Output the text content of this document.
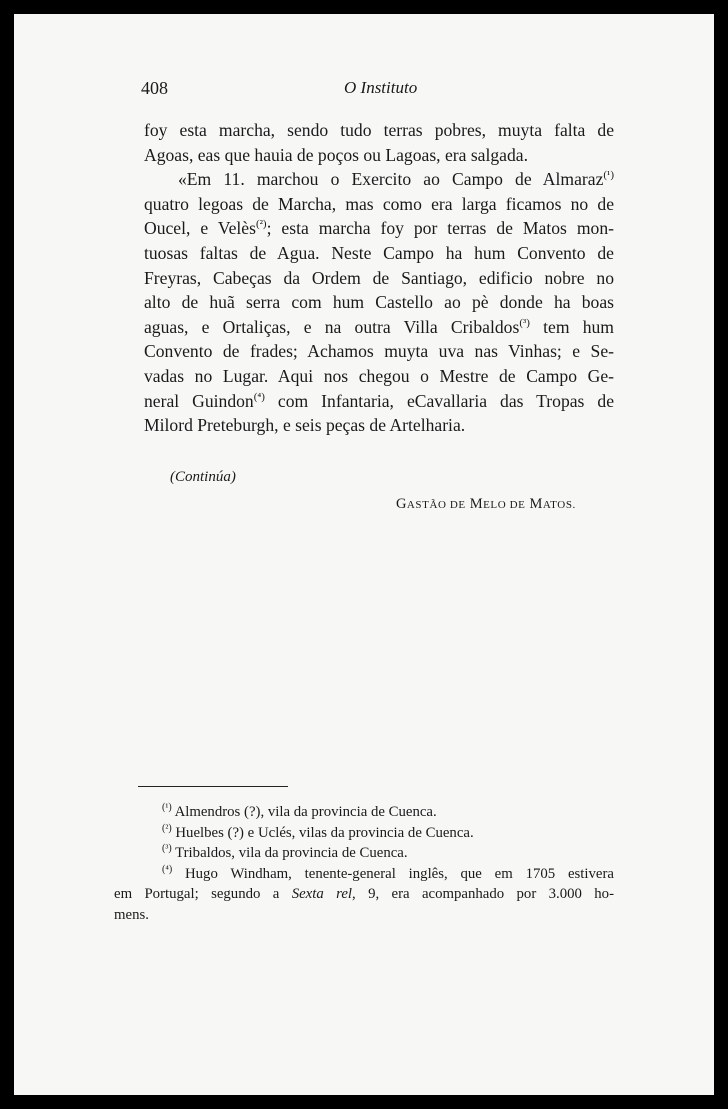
408	O Instituto
foy esta marcha, sendo tudo terras pobres, muyta falta de
Agoas, eas que hauia de poços ou Lagoas, era salgada.
«Em 11. marchou o Exercito ao Campo de Almaraz$^{(^1)}$
quatro legoas de Marcha, mas como era larga ficamos no de
Oucel, e Velès$^{(^2)}$; esta marcha foy por terras de Matos mon-
tuosas faltas de Agua. Neste Campo ha hum Convento de
Freyras, Cabeças da Ordem de Santiago, edificio nobre no
alto de huã serra com hum Castello ao pè donde ha boas
aguas, e Ortaliças, e na outra Villa Cribaldos$^{(^3)}$ tem hum
Convento de frades; Achamos muyta uva nas Vinhas; e Se-
vadas no Lugar. Aqui nos chegou o Mestre de Campo Ge-
neral Guindon$^{(^4)}$ com Infantaria, eCavallaria das Tropas de
Milord Preteburgh, e seis peças de Artelharia.
(Continúa)
GASTÃO DE MELO DE MATOS.
$^{(^1)}$ Almendros (?), vila da provincia de Cuenca.
$^{(^2)}$ Huelbes (?) e Uclés, vilas da provincia de Cuenca.
$^{(^3)}$ Tribaldos, vila da provincia de Cuenca.
$^{(^4)}$ Hugo Windham, tenente-general inglês, que em 1705 estivera
em Portugal; segundo a Sexta rel, 9, era acompanhado por 3.000 ho-
mens.
